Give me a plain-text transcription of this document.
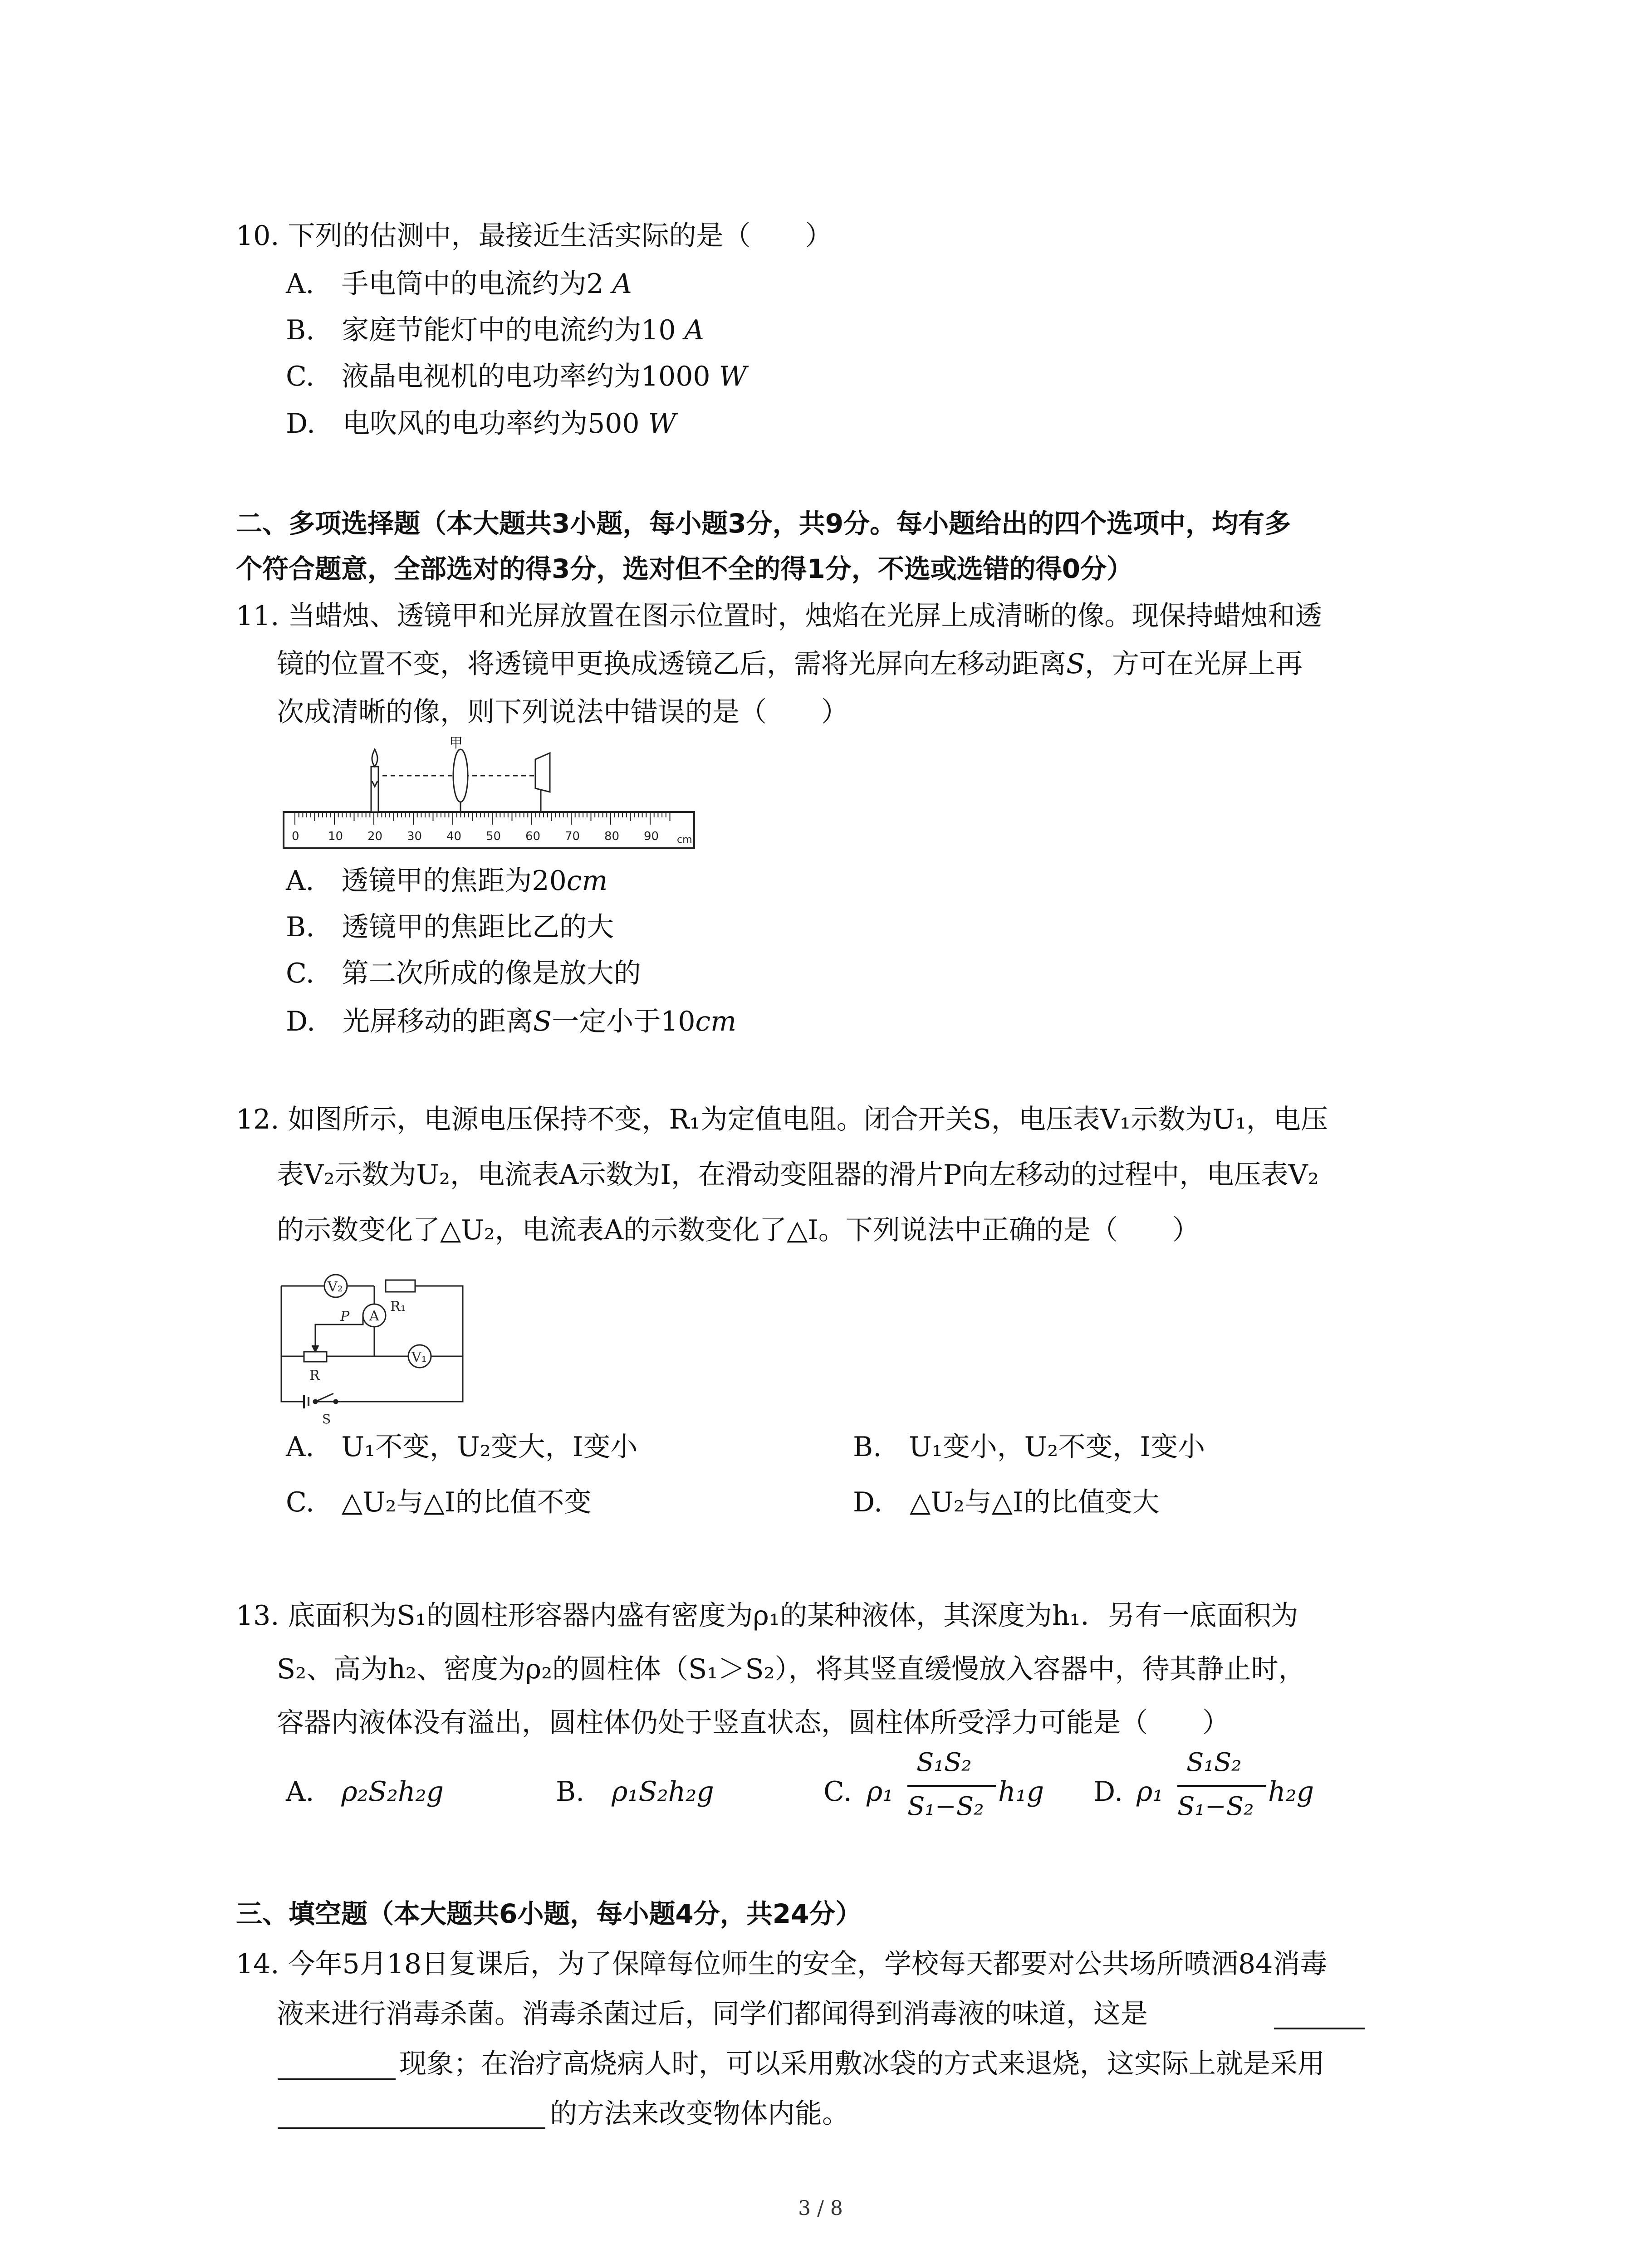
10. 下列的估测中，最接近生活实际的是（　　）
A.　 手电筒中的电流约为2 A
B.　 家庭节能灯中的电流约为10 A
C.　 液晶电视机的电功率约为1000 W
D.　 电吹风的电功率约为500 W
二、多项选择题（本大题共3小题，每小题3分，共9分。每小题给出的四个选项中，均有多
个符合题意，全部选对的得3分，选对但不全的得1分，不选或选错的得0分）
11. 当蜡烛、透镜甲和光屏放置在图示位置时，烛焰在光屏上成清晰的像。现保持蜡烛和透
镜的位置不变，将透镜甲更换成透镜乙后，需将光屏向左移动距离S，方可在光屏上再
次成清晰的像，则下列说法中错误的是（　　）
0 10 20 30 40 50 60 70 80 90 cm
甲
A.　 透镜甲的焦距为20cm
B.　 透镜甲的焦距比乙的大
C.　 第二次所成的像是放大的
D.　 光屏移动的距离S一定小于10cm
12. 如图所示，电源电压保持不变，R₁为定值电阻。闭合开关S，电压表V₁示数为U₁，电压
表V₂示数为U₂，电流表A示数为I，在滑动变阻器的滑片P向左移动的过程中，电压表V₂
的示数变化了△U₂，电流表A的示数变化了△I。下列说法中正确的是（　　）
V₂
R₁
A
P
R
V₁
S
A.　U₁不变，U₂变大，I变小	B.　U₁变小，U₂不变，I变小
C.　△U₂与△I的比值不变	D.　△U₂与△I的比值变大
13. 底面积为S₁的圆柱形容器内盛有密度为ρ₁的某种液体，其深度为h₁．另有一底面积为
S₂、高为h₂、密度为ρ₂的圆柱体（S₁＞S₂），将其竖直缓慢放入容器中，待其静止时，
容器内液体没有溢出，圆柱体仍处于竖直状态，圆柱体所受浮力可能是（　　）
A.　 ρ₂S₂h₂g	B.　 ρ₁S₂h₂g	C. ρ₁
S₁S₂
S₁−S₂ h₁g D. ρ₁
S₁S₂
S₁−S₂ h₂g
三、填空题（本大题共6小题，每小题4分，共24分）
14. 今年5月18日复课后，为了保障每位师生的安全，学校每天都要对公共场所喷洒84消毒
液来进行消毒杀菌。消毒杀菌过后，同学们都闻得到消毒液的味道，这是
现象；在治疗高烧病人时，可以采用敷冰袋的方式来退烧，这实际上就是采用
的方法来改变物体内能。
3 / 8
